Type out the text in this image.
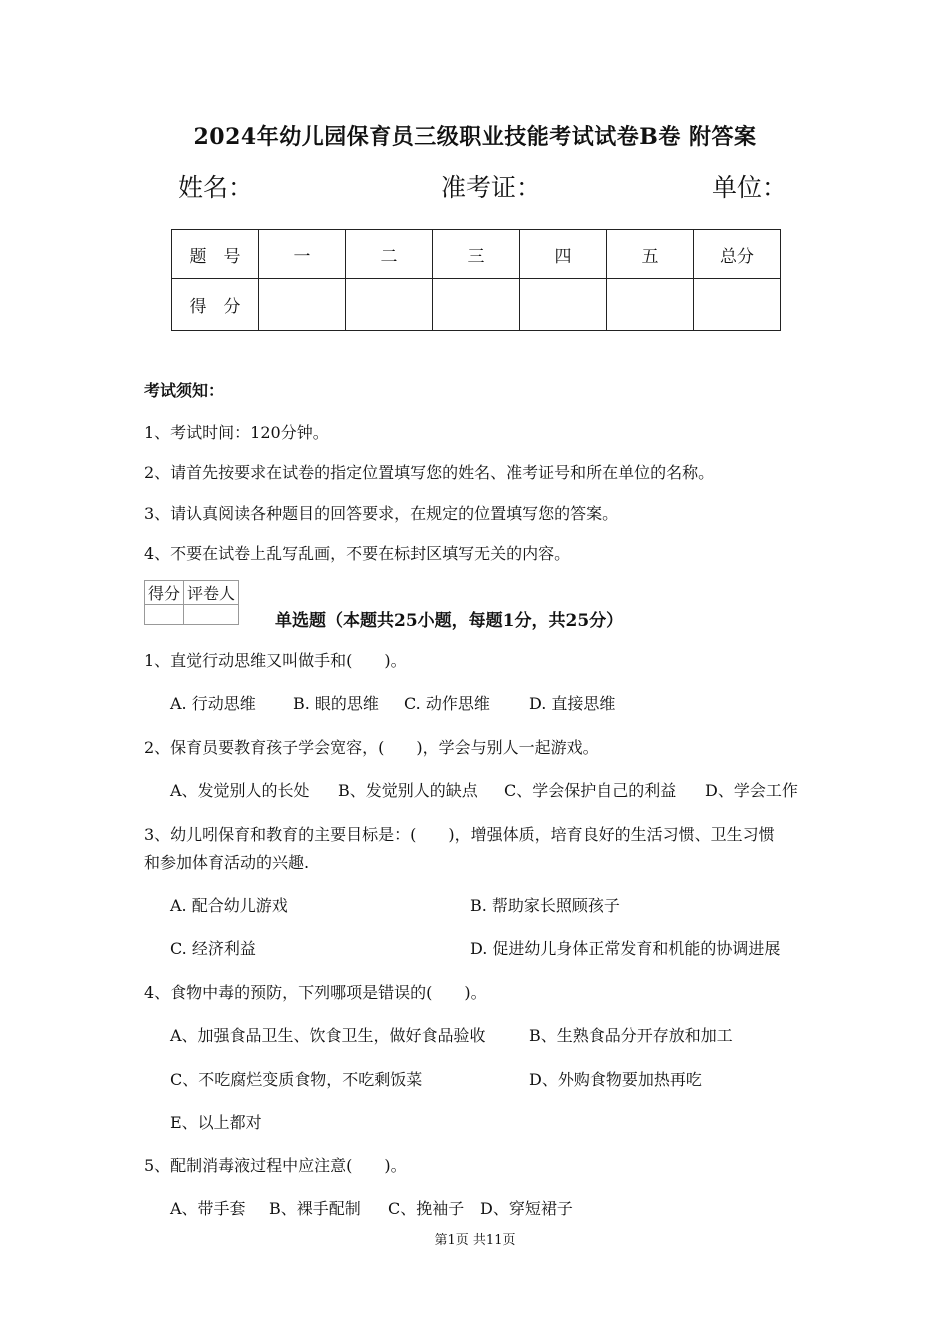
2024年幼儿园保育员三级职业技能考试试卷B卷 附答案
姓名：	准考证：	单位：
题　号	一	二	三	四	五	总分
得　分						
考试须知：
1、考试时间：120分钟。
2、请首先按要求在试卷的指定位置填写您的姓名、准考证号和所在单位的名称。
3、请认真阅读各种题目的回答要求，在规定的位置填写您的答案。
4、不要在试卷上乱写乱画，不要在标封区填写无关的内容。
得分	评卷人

单选题（本题共25小题，每题1分，共25分）
1、直觉行动思维又叫做手和(　　)。
A. 行动思维 B. 眼的思维 C. 动作思维 D. 直接思维
2、保育员要教育孩子学会宽容，(　　)，学会与别人一起游戏。
A、发觉别人的长处 B、发觉别人的缺点 C、学会保护自己的利益 D、学会工作
3、幼儿吲保育和教育的主要目标是：(　　)，增强体质，培育良好的生活习惯、卫生习惯
和参加体育活动的兴趣.
A. 配合幼儿游戏	B. 帮助家长照顾孩子
C. 经济利益	D. 促进幼儿身体正常发育和机能的协调进展
4、食物中毒的预防，下列哪项是错误的(　　)。
A、加强食品卫生、饮食卫生，做好食品验收	B、生熟食品分开存放和加工
C、不吃腐烂变质食物，不吃剩饭菜	D、外购食物要加热再吃
E、以上都对
5、配制消毒液过程中应注意(　　)。
A、带手套 B、裸手配制 C、挽袖子 D、穿短裙子
第1页 共11页
